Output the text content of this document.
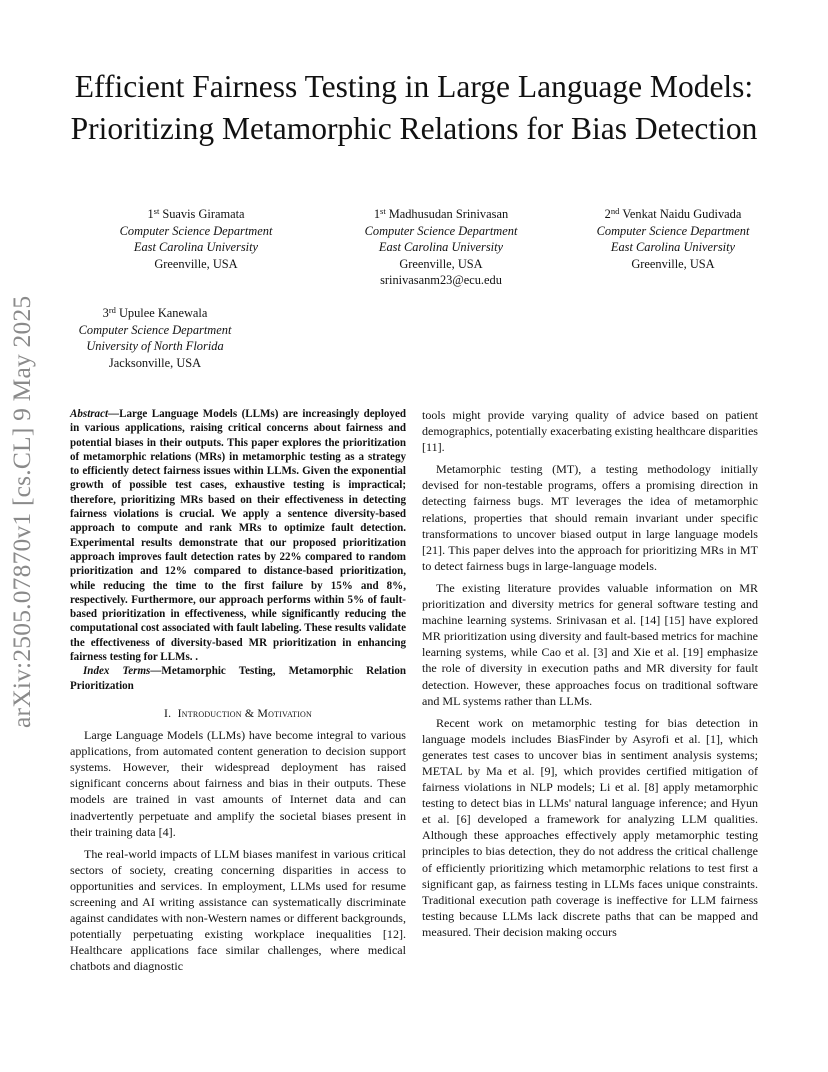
Efficient Fairness Testing in Large Language Models: Prioritizing Metamorphic Relations for Bias Detection
1st Suavis Giramata
Computer Science Department
East Carolina University
Greenville, USA
1st Madhusudan Srinivasan
Computer Science Department
East Carolina University
Greenville, USA
srinivasanm23@ecu.edu
2nd Venkat Naidu Gudivada
Computer Science Department
East Carolina University
Greenville, USA
3rd Upulee Kanewala
Computer Science Department
University of North Florida
Jacksonville, USA
arXiv:2505.07870v1 [cs.CL] 9 May 2025	Abstract—Large Language Models (LLMs) are increasingly deployed in various applications, raising critical concerns about fairness and potential biases in their outputs. This paper explores the prioritization of metamorphic relations (MRs) in metamorphic testing as a strategy to efficiently detect fairness issues within LLMs. Given the exponential growth of possible test cases, exhaustive testing is impractical; therefore, prioritizing MRs based on their effectiveness in detecting fairness violations is crucial. We apply a sentence diversity-based approach to compute and rank MRs to optimize fault detection. Experimental results demonstrate that our proposed prioritization approach improves fault detection rates by 22% compared to random prioritization and 12% compared to distance-based prioritization, while reducing the time to the first failure by 15% and 8%, respectively. Furthermore, our approach performs within 5% of fault-based prioritization in effectiveness, while significantly reducing the computational cost associated with fault labeling. These results validate the effectiveness of diversity-based MR prioritization in enhancing fairness testing for LLMs. .
Index Terms—Metamorphic Testing, Metamorphic Relation Prioritization
I. Introduction & Motivation

Large Language Models (LLMs) have become integral to various applications, from automated content generation to decision support systems. However, their widespread deployment has raised significant concerns about fairness and bias in their outputs. These models are trained in vast amounts of Internet data and can inadvertently perpetuate and amplify the societal biases present in their training data [4].

The real-world impacts of LLM biases manifest in various critical sectors of society, creating concerning disparities in access to opportunities and services. In employment, LLMs used for resume screening and AI writing assistance can systematically discriminate against candidates with non-Western names or different backgrounds, potentially perpetuating existing workplace inequalities [12]. Healthcare applications face similar challenges, where medical chatbots and diagnostic

tools might provide varying quality of advice based on patient demographics, potentially exacerbating existing healthcare disparities [11].

Metamorphic testing (MT), a testing methodology initially devised for non-testable programs, offers a promising direction in detecting fairness bugs. MT leverages the idea of metamorphic relations, properties that should remain invariant under specific transformations to uncover biased output in large language models [21]. This paper delves into the approach for prioritizing MRs in MT to detect fairness bugs in large-language models.

The existing literature provides valuable information on MR prioritization and diversity metrics for general software testing and machine learning systems. Srinivasan et al. [14] [15] have explored MR prioritization using diversity and fault-based metrics for machine learning systems, while Cao et al. [3] and Xie et al. [19] emphasize the role of diversity in execution paths and MR diversity for fault detection. However, these approaches focus on traditional software and ML systems rather than LLMs.

Recent work on metamorphic testing for bias detection in language models includes BiasFinder by Asyrofi et al. [1], which generates test cases to uncover bias in sentiment analysis systems; METAL by Ma et al. [9], which provides certified mitigation of fairness violations in NLP models; Li et al. [8] apply metamorphic testing to detect bias in LLMs' natural language inference; and Hyun et al. [6] developed a framework for analyzing LLM qualities. Although these approaches effectively apply metamorphic testing principles to bias detection, they do not address the critical challenge of efficiently prioritizing which metamorphic relations to test first a significant gap, as fairness testing in LLMs faces unique constraints. Traditional execution path coverage is ineffective for LLM fairness testing because LLMs lack discrete paths that can be mapped and measured. Their decision making occurs
